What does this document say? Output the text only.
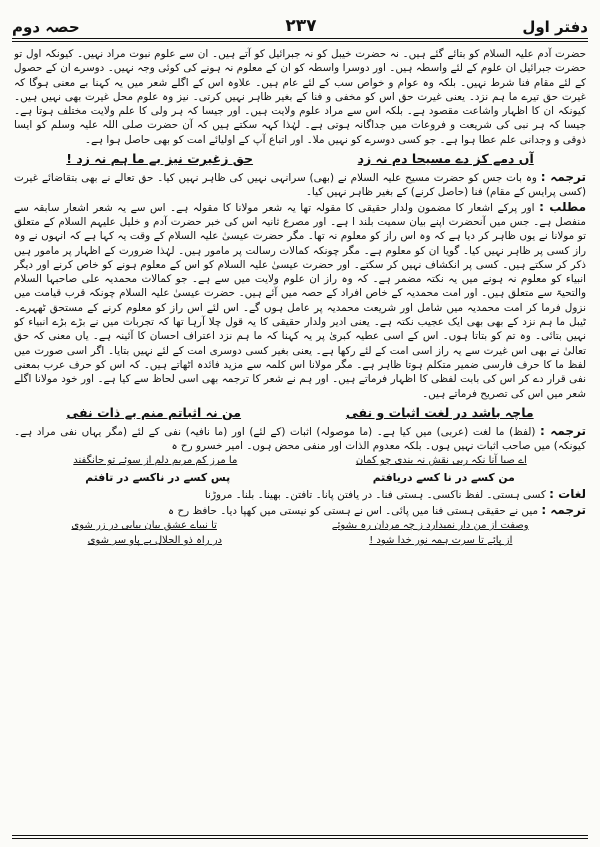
دفتر اول
۲۳۷
حصہ دوم

حضرت آدم علیہ السلام کو بتائے گئے ہیں۔ نہ حضرت خیبل کو نہ جبرائیل کو آتے ہیں۔ ان سے علوم نبوت مراد نہیں۔ کیونکہ اول تو حضرت جبرائیل ان علوم کے لئے واسطہ ہیں۔ اور دوسرا واسطہ کو ان کے معلوم نہ ہونے کی کوئی وجہ نہیں۔ دوسرے ان کے حصول کے لئے مقام فنا شرط نہیں۔ بلکہ وہ عوام و خواص سب کے لئے عام ہیں۔ علاوہ اس کے اگلے شعر میں یہ کہنا بے معنی ہوگا کہ غیرت حق تیرے ما ہم نزد۔ یعنی غیرت حق اس کو مخفی و فنا کے بغیر ظاہر نہیں کرتی۔ نیز وہ علوم محل غیرت بھی نہیں ہیں۔ کیونکہ ان کا اظہار واشاعت مقصود ہے۔ بلکہ اس سے مراد علوم ولایت ہیں۔ اور جیسا کہ ہر ولی کا علم ولایت مختلف ہوتا ہے۔ جیسا کہ ہر نبی کی شریعت و فروعات میں جداگانہ ہوتی ہے۔ لہٰذا کہہ سکتے ہیں کہ آن حضرت صلی اللہ علیہ وسلم کو ایسا ذوقی و وجدانی علم عطا ہوا ہے۔ جو کسی دوسرے کو نہیں ملا۔ اور اتباع آپ کے اولیائے امت کو بھی حاصل ہوا ہے۔

آں دمے کز دے مسیحا دم نہ زد
حق زغیرت نیز بے ما ہم نہ زد !

ترجمہ : وہ بات جس کو حضرت مسیح علیہ السلام نے (بھی) سرانہی نہیں کی ظاہر نہیں کیا۔ حق تعالے نے بھی بتقاضائے غیرت (کسی پرایس کے مقام) فنا (حاصل کرنے) کے بغیر ظاہر نہیں کیا۔

مطلب : اور پرکے اشعار کا مضمون ولدار حقیقی کا مقولہ تھا یہ شعر مولانا کا مقولہ ہے۔ اس سے یہ شعر اشعار سابقہ سے منفصل ہے۔ جس میں آنحضرت اپنے بیان سمیت بلند ا ہے۔ اور مصرع ثانیہ اس کی خبر حضرت آدم و خلیل علیہم السلام کے متعلق تو مولانا نے یوں ظاہر کر دیا ہے کہ وہ اس راز کو معلوم نہ تھا۔ مگر حضرت عیسیٰ علیہ السلام کے وقت یہ کہا ہے کہ انہوں نے وہ راز کسی پر ظاہر نہیں کیا۔ گویا ان کو معلوم ہے۔ مگر چونکہ کمالات رسالت پر مامور ہیں۔ لہٰذا ضرورت کے اظہار پر مامور ہیں ذکر کر سکتے ہیں۔ کسی پر انکشاف نہیں کر سکتے۔ اور حضرت عیسیٰ علیہ السلام کو اس کے معلوم ہونے کو خاص کرنے اور دیگر انبیاء کو معلوم نہ ہونے میں یہ نکتہ مضمر ہے۔ کہ وہ راز ان علوم ولایت میں سے ہے۔ جو کمالات محمدیہ علی صاحبہا السلام والتحیۃ سے متعلق ہیں۔ اور امت محمدیہ کے خاص افراد کے حصہ میں آئے ہیں۔ حضرت عیسیٰ علیہ السلام چونکہ قرب قیامت میں نزول فرما کر امت محمدیہ میں شامل اور شریعت محمدیہ پر عامل ہوں گے۔ اس لئے اس راز کو معلوم کرنے کے مستحق ٹھہرے۔ ٹیبل ما ہم نزد کے بھی بھی ایک عجیب نکتہ ہے۔ یعنی ادیر ولدار حقیقی کا یہ قول چلا آرہا تھا کہ تجربات میں نے بڑے بڑے انبیاء کو نہیں بتائی۔ وہ تم کو بتاتا ہوں۔ اس کے اسی عطیہ کبریٰ پر یہ کہنا کہ ما ہم نزد اعتراف احسان کا آئینہ ہے۔ یاں معنی کہ حق تعالیٰ نے بھی اس غیرت سے یہ راز اسی امت کے لئے رکھا ہے۔ یعنی بغیر کسی دوسری امت کے لئے نہیں بتایا۔ اگر اسی صورت میں لفظ ما کا حرف فارسی ضمیر متکلم ہوتا ظاہر ہے۔ مگر مولانا اس کلمہ سے مزید فائدہ اٹھاتے ہیں۔ کہ اس کو حرف عرب بمعنی نفی قرار دے کر اس کی بابت لفظی کا اظہار فرماتے ہیں۔ اور ہم نے شعر کا ترجمہ بھی اسی لحاظ سے کیا ہے۔ اور خود مولانا اگلے شعر میں اس کی تصریح فرماتے ہیں۔

ماچہ باشد در لغت اثبات و نفی
من نہ اثباتم منم بے ذات نفی

ترجمہ : (لفظ) ما لغت (عربی) میں کیا ہے۔ (ما موصولہ) اثبات (کے لئے) اور (ما نافیہ) نفی کے لئے (مگر یہاں نفی مراد ہے۔ کیونکہ) میں صاحب اثبات نہیں ہوں۔ بلکہ معدوم الذات اور منفی محض ہوں۔ امیر خسرو رح ہ

اے صبا آنا نکہ ربی نقش نہ بندی چو کمان
ما مرز کم مریم دلم از سوئے تو جانگفند
من کسے در نا کسے دریافتم
پس کسے در ناکسے در تافتم

لغات : کسی ہستی۔ لفظ ناکسی۔ ہستی فنا۔ در یافتن پانا۔ تافتن۔ بھینا۔ بلنا۔ مروڑنا

ترجمہ : میں نے حقیقی ہستی فنا میں پائی۔ اس نے ہستی کو نیستی میں کھپا دیا۔ حافظ رح ہ

وصفت از من دار نمیدارد ز چہ مردان رہ بشوئے
تا نبیاے عشق بیان بیابی در زر شوی
از پائے تا سرت ہمہ نور خدا شود !
در راہ ذو الجلال بے پاو سر شوی
